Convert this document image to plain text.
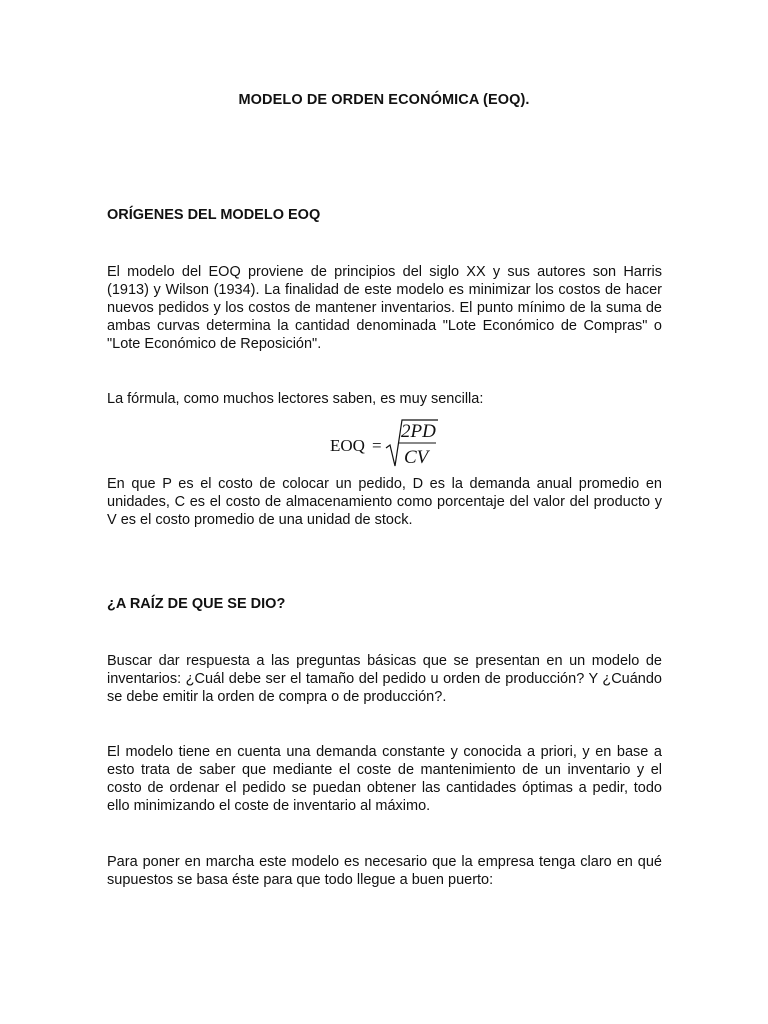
MODELO DE ORDEN ECONÓMICA (EOQ).
ORÍGENES DEL MODELO EOQ
El modelo del EOQ proviene de principios del siglo XX y sus autores son Harris (1913) y Wilson (1934). La finalidad de este modelo es minimizar los costos de hacer nuevos pedidos y los costos de mantener inventarios. El punto mínimo de la suma de ambas curvas determina la cantidad denominada "Lote Económico de Compras" o "Lote Económico de Reposición".
La fórmula, como muchos lectores saben, es muy sencilla:
EOQ =
2PD
CV
En que P es el costo de colocar un pedido, D es la demanda anual promedio en unidades, C es el costo de almacenamiento como porcentaje del valor del producto y V es el costo promedio de una unidad de stock.
¿A RAÍZ DE QUE SE DIO?
Buscar dar respuesta a las preguntas básicas que se presentan en un modelo de inventarios: ¿Cuál debe ser el tamaño del pedido u orden de producción? Y ¿Cuándo se debe emitir la orden de compra o de producción?.
El modelo tiene en cuenta una demanda constante y conocida a priori, y en base a esto trata de saber que mediante el coste de mantenimiento de un inventario y el costo de ordenar el pedido se puedan obtener las cantidades óptimas a pedir, todo ello minimizando el coste de inventario al máximo.
Para poner en marcha este modelo es necesario que la empresa tenga claro en qué supuestos se basa éste para que todo llegue a buen puerto:
